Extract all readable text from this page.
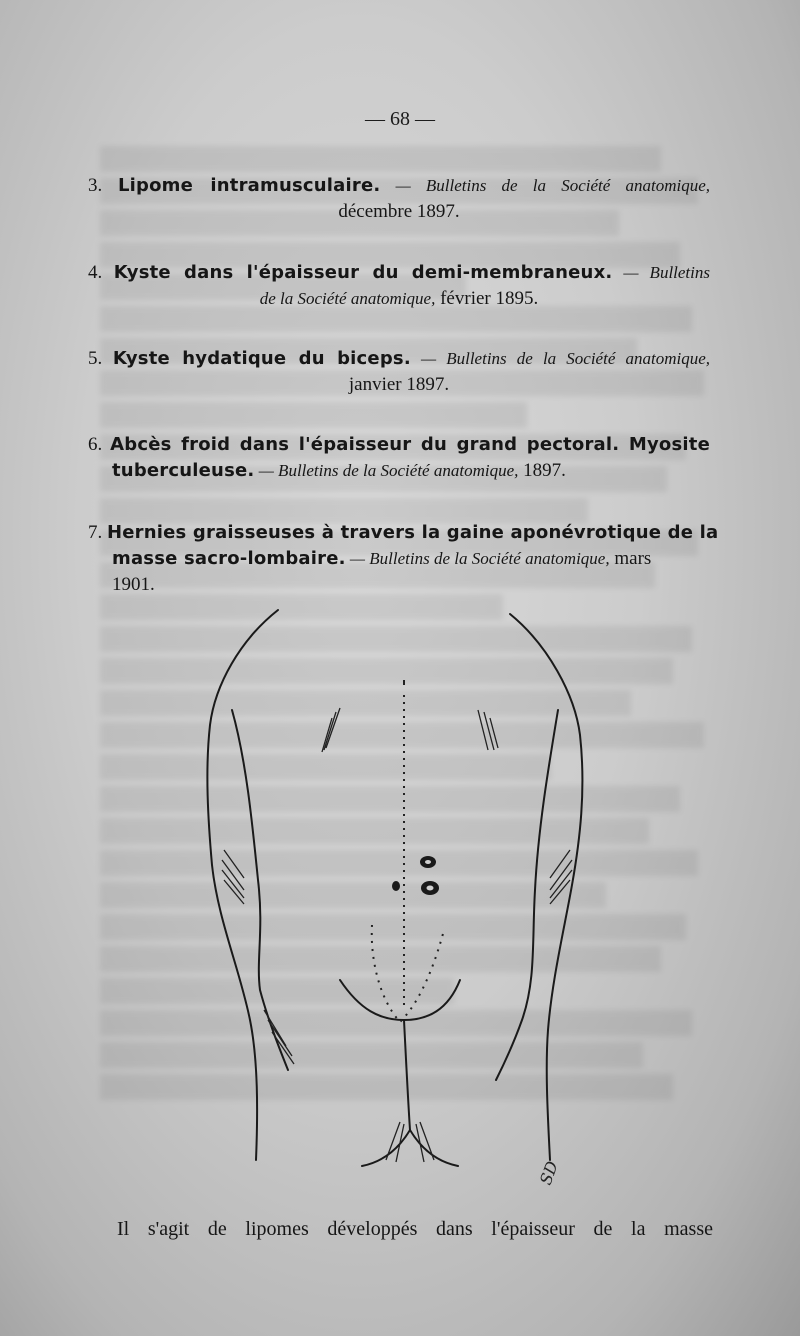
— 68 —
3. Lipome intramusculaire. — Bulletins de la Société anatomique,
décembre 1897.
4. Kyste dans l'épaisseur du demi-membraneux. — Bulletins
de la Société anatomique, février 1895.
5. Kyste hydatique du biceps. — Bulletins de la Société anatomique,
janvier 1897.
6. Abcès froid dans l'épaisseur du grand pectoral. Myosite
tuberculeuse. — Bulletins de la Société anatomique, 1897.
7. Hernies graisseuses à travers la gaine aponévrotique de la
masse sacro-lombaire. — Bulletins de la Société anatomique, mars
1901.
SD
Il s'agit de lipomes développés dans l'épaisseur de la masse
